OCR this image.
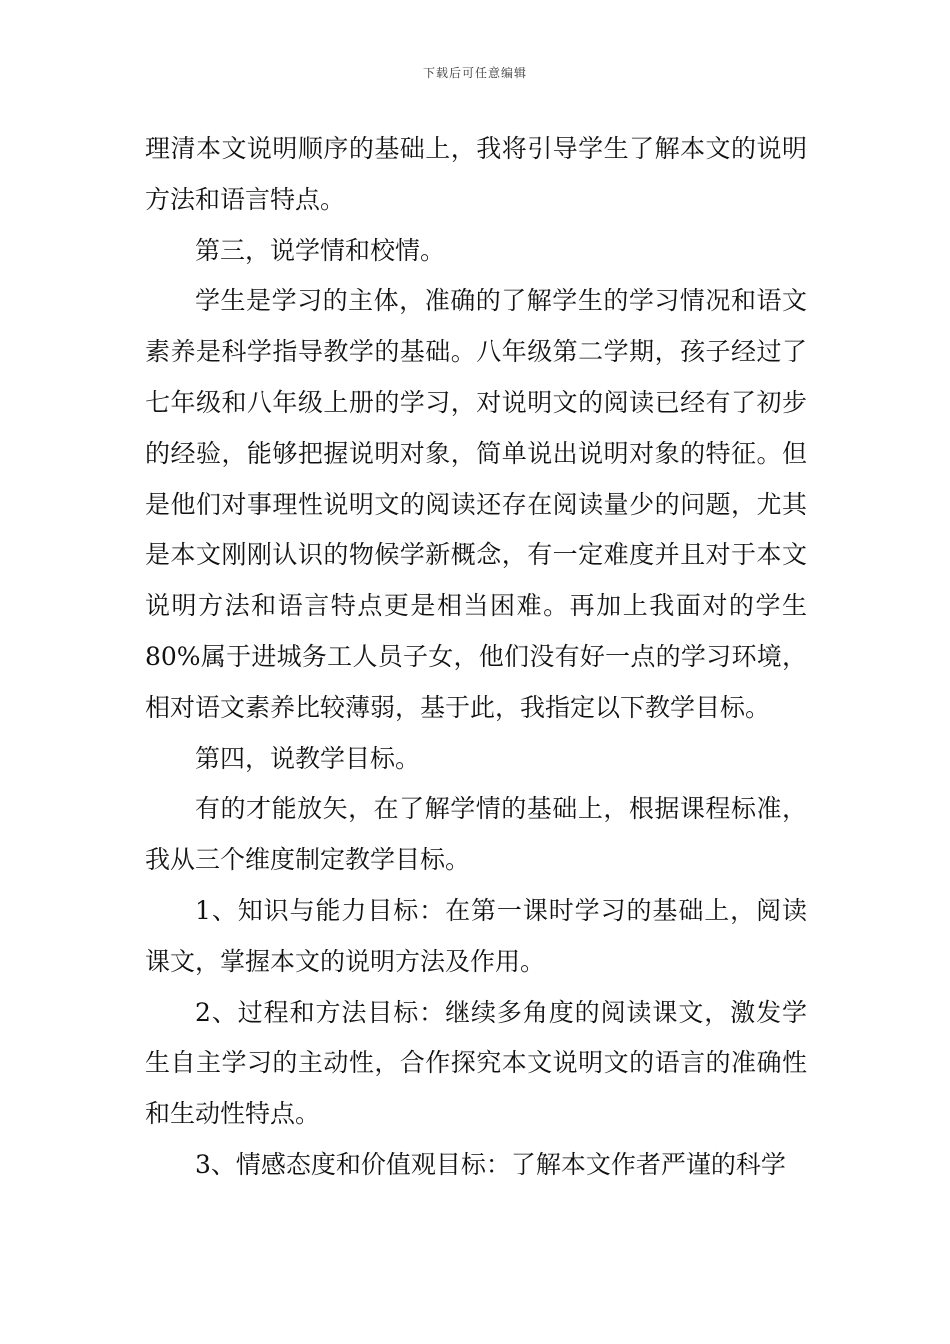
下载后可任意编辑

理清本文说明顺序的基础上，我将引导学生了解本文的说明方法和语言特点。

第三，说学情和校情。

学生是学习的主体，准确的了解学生的学习情况和语文素养是科学指导教学的基础。八年级第二学期，孩子经过了七年级和八年级上册的学习，对说明文的阅读已经有了初步的经验，能够把握说明对象，简单说出说明对象的特征。但是他们对事理性说明文的阅读还存在阅读量少的问题，尤其是本文刚刚认识的物候学新概念，有一定难度并且对于本文说明方法和语言特点更是相当困难。再加上我面对的学生80%属于进城务工人员子女，他们没有好一点的学习环境，相对语文素养比较薄弱，基于此，我指定以下教学目标。

第四，说教学目标。

有的才能放矢，在了解学情的基础上，根据课程标准，我从三个维度制定教学目标。

1、知识与能力目标：在第一课时学习的基础上，阅读课文，掌握本文的说明方法及作用。

2、过程和方法目标：继续多角度的阅读课文，激发学生自主学习的主动性，合作探究本文说明文的语言的准确性和生动性特点。

3、情感态度和价值观目标：了解本文作者严谨的科学
